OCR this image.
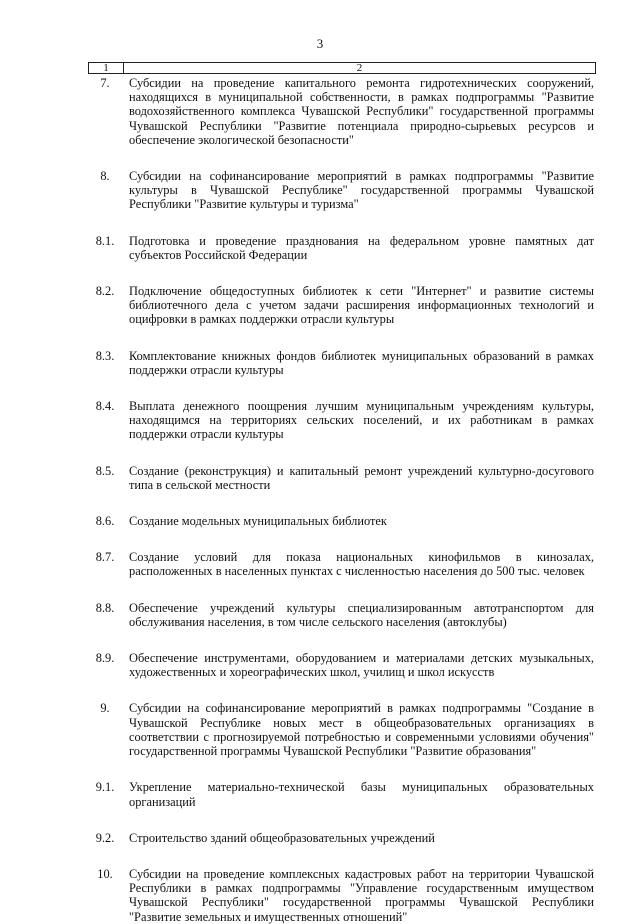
3
1	2
7.	Субсидии на проведение капитального ремонта гидротехнических сооружений, находящихся в муниципальной собственности, в рамках подпрограммы "Развитие водохозяйственного комплекса Чувашской Республики" государственной программы Чувашской Республики "Развитие потенциала природно-сырьевых ресурсов и обеспечение экологической безопасности"
8.	Субсидии на софинансирование мероприятий в рамках подпрограммы "Развитие культуры в Чувашской Республике" государственной программы Чувашской Республики "Развитие культуры и туризма"
8.1.	Подготовка и проведение празднования на федеральном уровне памятных дат субъектов Российской Федерации
8.2.	Подключение общедоступных библиотек к сети "Интернет" и развитие системы библиотечного дела с учетом задачи расширения информационных технологий и оцифровки в рамках поддержки отрасли культуры
8.3.	Комплектование книжных фондов библиотек муниципальных образований в рамках поддержки отрасли культуры
8.4.	Выплата денежного поощрения лучшим муниципальным учреждениям культуры, находящимся на территориях сельских поселений, и их работникам в рамках поддержки отрасли культуры
8.5.	Создание (реконструкция) и капитальный ремонт учреждений культурно-досугового типа в сельской местности
8.6.	Создание модельных муниципальных библиотек
8.7.	Создание условий для показа национальных кинофильмов в кинозалах, расположенных в населенных пунктах с численностью населения до 500 тыс. человек
8.8.	Обеспечение учреждений культуры специализированным автотранспортом для обслуживания населения, в том числе сельского населения (автоклубы)
8.9.	Обеспечение инструментами, оборудованием и материалами детских музыкальных, художественных и хореографических школ, училищ и школ искусств
9.	Субсидии на софинансирование мероприятий в рамках подпрограммы "Создание в Чувашской Республике новых мест в общеобразовательных организациях в соответствии с прогнозируемой потребностью и современными условиями обучения" государственной программы Чувашской Республики "Развитие образования"
9.1.	Укрепление материально-технической базы муниципальных образовательных организаций
9.2.	Строительство зданий общеобразовательных учреждений
10.	Субсидии на проведение комплексных кадастровых работ на территории Чувашской Республики в рамках подпрограммы "Управление государственным имуществом Чувашской Республики" государственной программы Чувашской Республики "Развитие земельных и имущественных отношений"
